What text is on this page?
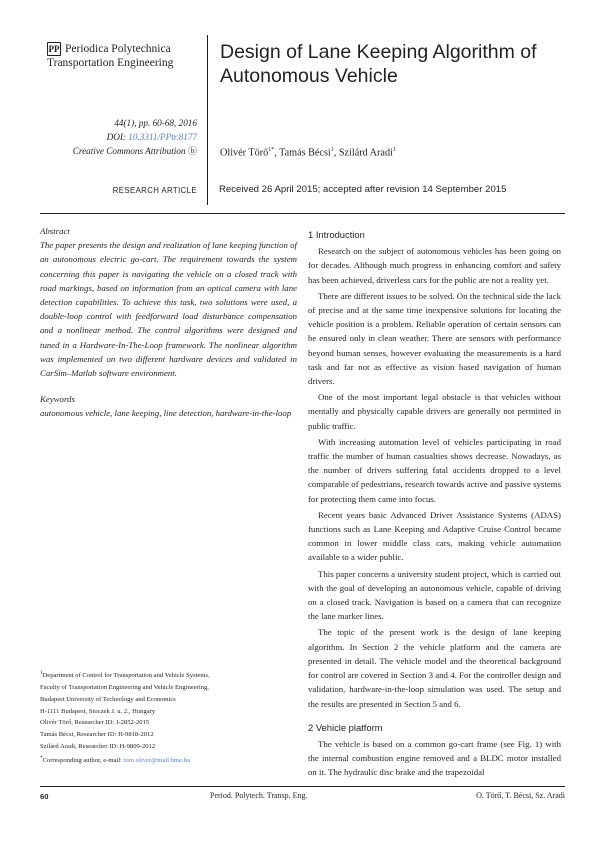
PP Periodica Polytechnica
Transportation Engineering
Design of Lane Keeping Algorithm of Autonomous Vehicle
44(1), pp. 60-68, 2016
DOI: 10.3311/PPtr.8177
Creative Commons Attribution ⓑ Olivér Törő$^{1*}$, Tamás Bécsi$^1$, Szilárd Aradi$^1$
RESEARCH ARTICLE Received 26 April 2015; accepted after revision 14 September 2015

Abstract

The paper presents the design and realization of lane keeping function of an autonomous electric go-cart. The requirement towards the system concerning this paper is navigating the vehicle on a closed track with road markings, based on information from an optical camera with lane detection capabilities. To achieve this task, two solutions were used, a double-loop control with feedforward load disturbance compensation and a nonlinear method. The control algorithms were designed and tuned in a Hardware-In-The-Loop framework. The nonlinear algorithm was implemented on two different hardware devices and validated in CarSim–Matlab software environment.

Keywords

autonomous vehicle, lane keeping, line detection, hardware-in-the-loop

$^1$Department of Control for Transportation and Vehicle Systems,
Faculty of Transportation Engineering and Vehicle Engineering,
Budapest University of Technology and Economics
H-1111 Budapest, Stoczek J. u. 2., Hungary
Olivér Törő, Researcher ID: J-2852-2015
Tamás Bécsi, Researcher ID: H-9818-2012
Szilárd Aradi, Researcher ID: H-9809-2012
*Corresponding author, e-mail: toro.oliver@mail.bme.hu
1 Introduction

Research on the subject of autonomous vehicles has been going on for decades. Although much progress in enhancing comfort and safety has been achieved, driverless cars for the public are not a reality yet.

There are different issues to be solved. On the technical side the lack of precise and at the same time inexpensive solutions for locating the vehicle position is a problem. Reliable operation of certain sensors can be ensured only in clean weather. There are sensors with performance beyond human senses, however evaluating the measurements is a hard task and far not as effective as vision based navigation of human drivers.

One of the most important legal obstacle is that vehicles without mentally and physically capable drivers are generally not permitted in public traffic.

With increasing automation level of vehicles participating in road traffic the number of human casualties shows decrease. Nowadays, as the number of drivers suffering fatal accidents dropped to a level comparable of pedestrians, research towards active and passive systems for protecting them came into focus.

Recent years basic Advanced Driver Assistance Systems (ADAS) functions such as Lane Keeping and Adaptive Cruise Control became common in lower middle class cars, making vehicle automation available to a wider public.

This paper concerns a university student project, which is carried out with the goal of developing an autonomous vehicle, capable of driving on a closed track. Navigation is based on a camera that can recognize the lane marker lines.

The topic of the present work is the design of lane keeping algorithm. In Section 2 the vehicle platform and the camera are presented in detail. The vehicle model and the theoretical background for control are covered in Section 3 and 4. For the controller design and validation, hardware-in-the-loop simulation was used. The setup and the results are presented in Section 5 and 6.

2 Vehicle platform

The vehicle is based on a common go-cart frame (see Fig. 1) with the internal combustion engine removed and a BLDC motor installed on it. The hydraulic disc brake and the trapezoidal

60	Period. Polytech. Transp. Eng.	O. Törő, T. Bécsi, Sz. Aradi
